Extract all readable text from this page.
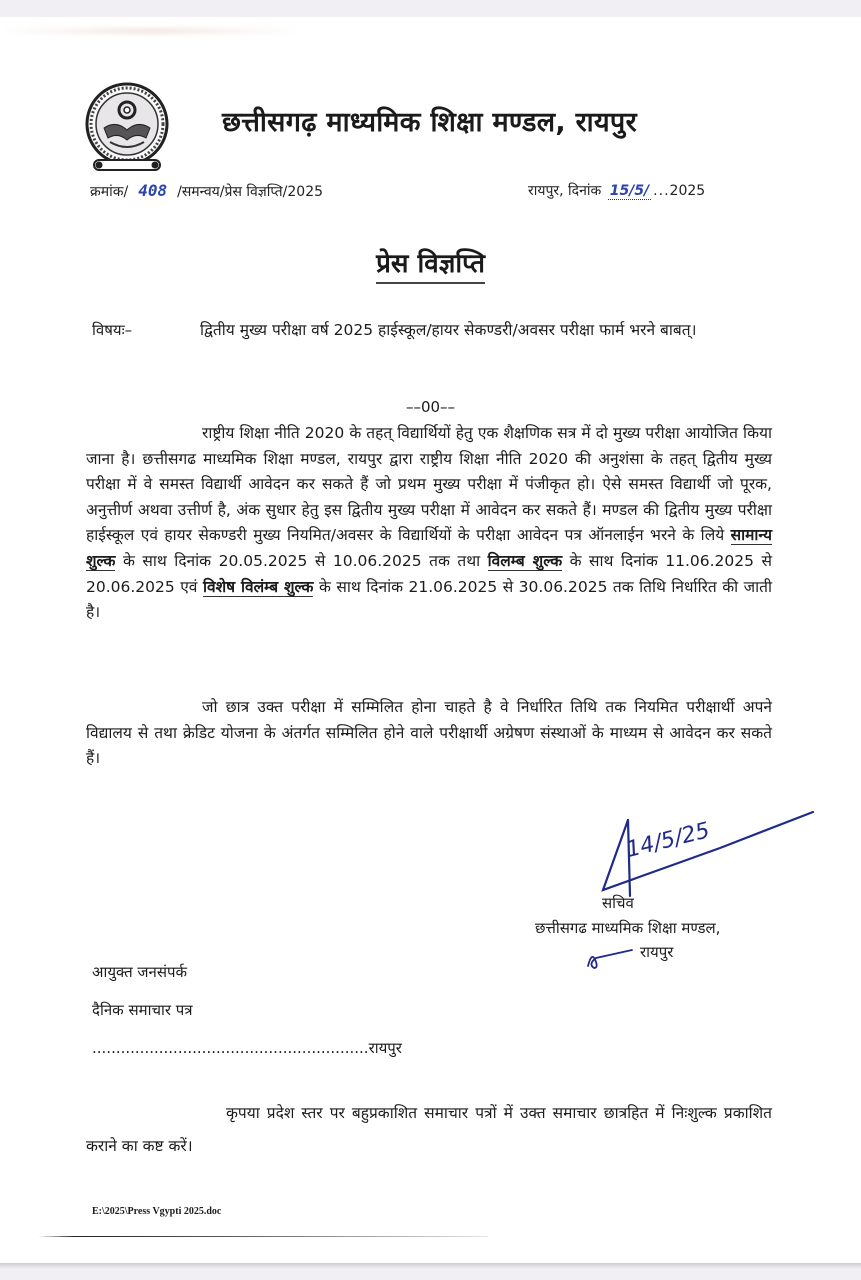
छत्तीसगढ़ माध्यमिक शिक्षा मण्डल, रायपुर
क्रमांक/ 408 /समन्वय/प्रेस विज्ञप्ति/2025	रायपुर, दिनांक 15/5/ ...2025
प्रेस विज्ञप्ति
विषयः–	द्वितीय मुख्य परीक्षा वर्ष 2025 हाईस्कूल/हायर सेकण्डरी/अवसर परीक्षा फार्म भरने बाबत्।
––00––
राष्ट्रीय शिक्षा नीति 2020 के तहत् विद्यार्थियों हेतु एक शैक्षणिक सत्र में दो मुख्य परीक्षा आयोजित किया जाना है। छत्तीसगढ माध्यमिक शिक्षा मण्डल, रायपुर द्वारा राष्ट्रीय शिक्षा नीति 2020 की अनुशंसा के तहत् द्वितीय मुख्य परीक्षा में वे समस्त विद्यार्थी आवेदन कर सकते हैं जो प्रथम मुख्य परीक्षा में पंजीकृत हो। ऐसे समस्त विद्यार्थी जो पूरक, अनुत्तीर्ण अथवा उत्तीर्ण है, अंक सुधार हेतु इस द्वितीय मुख्य परीक्षा में आवेदन कर सकते हैं। मण्डल की द्वितीय मुख्य परीक्षा हाईस्कूल एवं हायर सेकण्डरी मुख्य नियमित/अवसर के विद्यार्थियों के परीक्षा आवेदन पत्र ऑनलाईन भरने के लिये सामान्य शुल्क के साथ दिनांक 20.05.2025 से 10.06.2025 तक तथा विलम्ब शुल्क के साथ दिनांक 11.06.2025 से 20.06.2025 एवं विशेष विलंम्ब शुल्क के साथ दिनांक 21.06.2025 से 30.06.2025 तक तिथि निर्धारित की जाती है।
जो छात्र उक्त परीक्षा में सम्मिलित होना चाहते है वे निर्धारित तिथि तक नियमित परीक्षार्थी अपने विद्यालय से तथा क्रेडिट योजना के अंतर्गत सम्मिलित होने वाले परीक्षार्थी अग्रेषण संस्थाओं के माध्यम से आवेदन कर सकते हैं।
14/5/25
सचिव
छत्तीसगढ माध्यमिक शिक्षा मण्डल,
रायपुर
आयुक्त जनसंपर्क
दैनिक समाचार पत्र
..........................................................रायपुर
कृपया प्रदेश स्तर पर बहुप्रकाशित समाचार पत्रों में उक्त समाचार छात्रहित में निःशुल्क प्रकाशित कराने का कष्ट करें।
E:\2025\Press Vgypti 2025.doc
